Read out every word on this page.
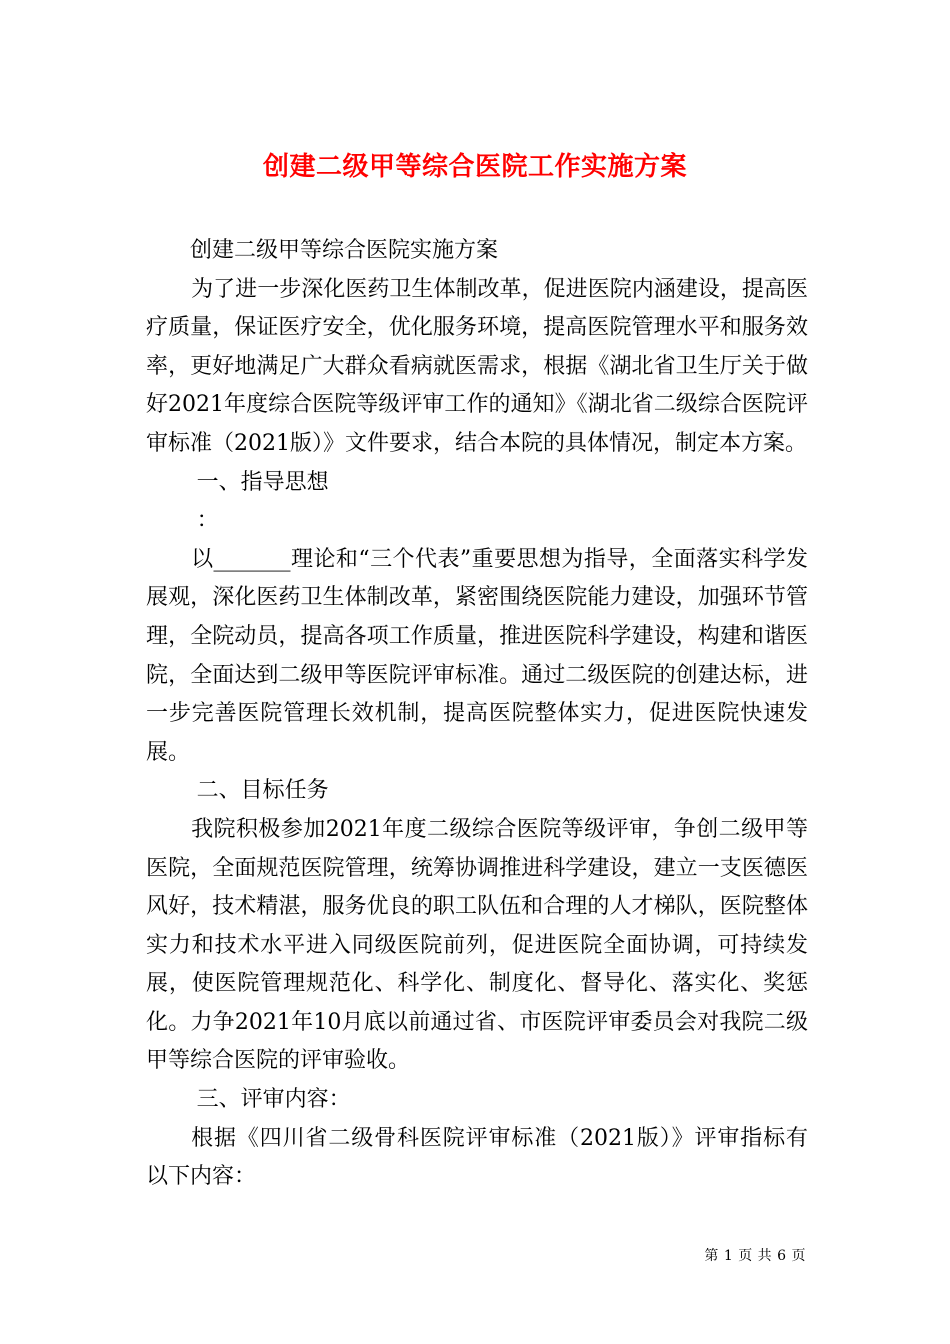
创建二级甲等综合医院工作实施方案

创建二级甲等综合医院实施方案

为了进一步深化医药卫生体制改革，促进医院内涵建设，提高医疗质量，保证医疗安全，优化服务环境，提高医院管理水平和服务效率，更好地满足广大群众看病就医需求，根据《湖北省卫生厅关于做好2021年度综合医院等级评审工作的通知》《湖北省二级综合医院评审标准（2021版）》文件要求，结合本院的具体情况，制定本方案。

一、指导思想

：

以_______理论和“三个代表”重要思想为指导，全面落实科学发展观，深化医药卫生体制改革，紧密围绕医院能力建设，加强环节管理，全院动员，提高各项工作质量，推进医院科学建设，构建和谐医院，全面达到二级甲等医院评审标准。通过二级医院的创建达标，进一步完善医院管理长效机制，提高医院整体实力，促进医院快速发展。

二、目标任务

我院积极参加2021年度二级综合医院等级评审，争创二级甲等医院，全面规范医院管理，统筹协调推进科学建设，建立一支医德医风好，技术精湛，服务优良的职工队伍和合理的人才梯队，医院整体实力和技术水平进入同级医院前列，促进医院全面协调，可持续发展，使医院管理规范化、科学化、制度化、督导化、落实化、奖惩化。力争2021年10月底以前通过省、市医院评审委员会对我院二级甲等综合医院的评审验收。

三、评审内容：

根据《四川省二级骨科医院评审标准（2021版）》评审指标有以下内容：

第 1 页 共 6 页
